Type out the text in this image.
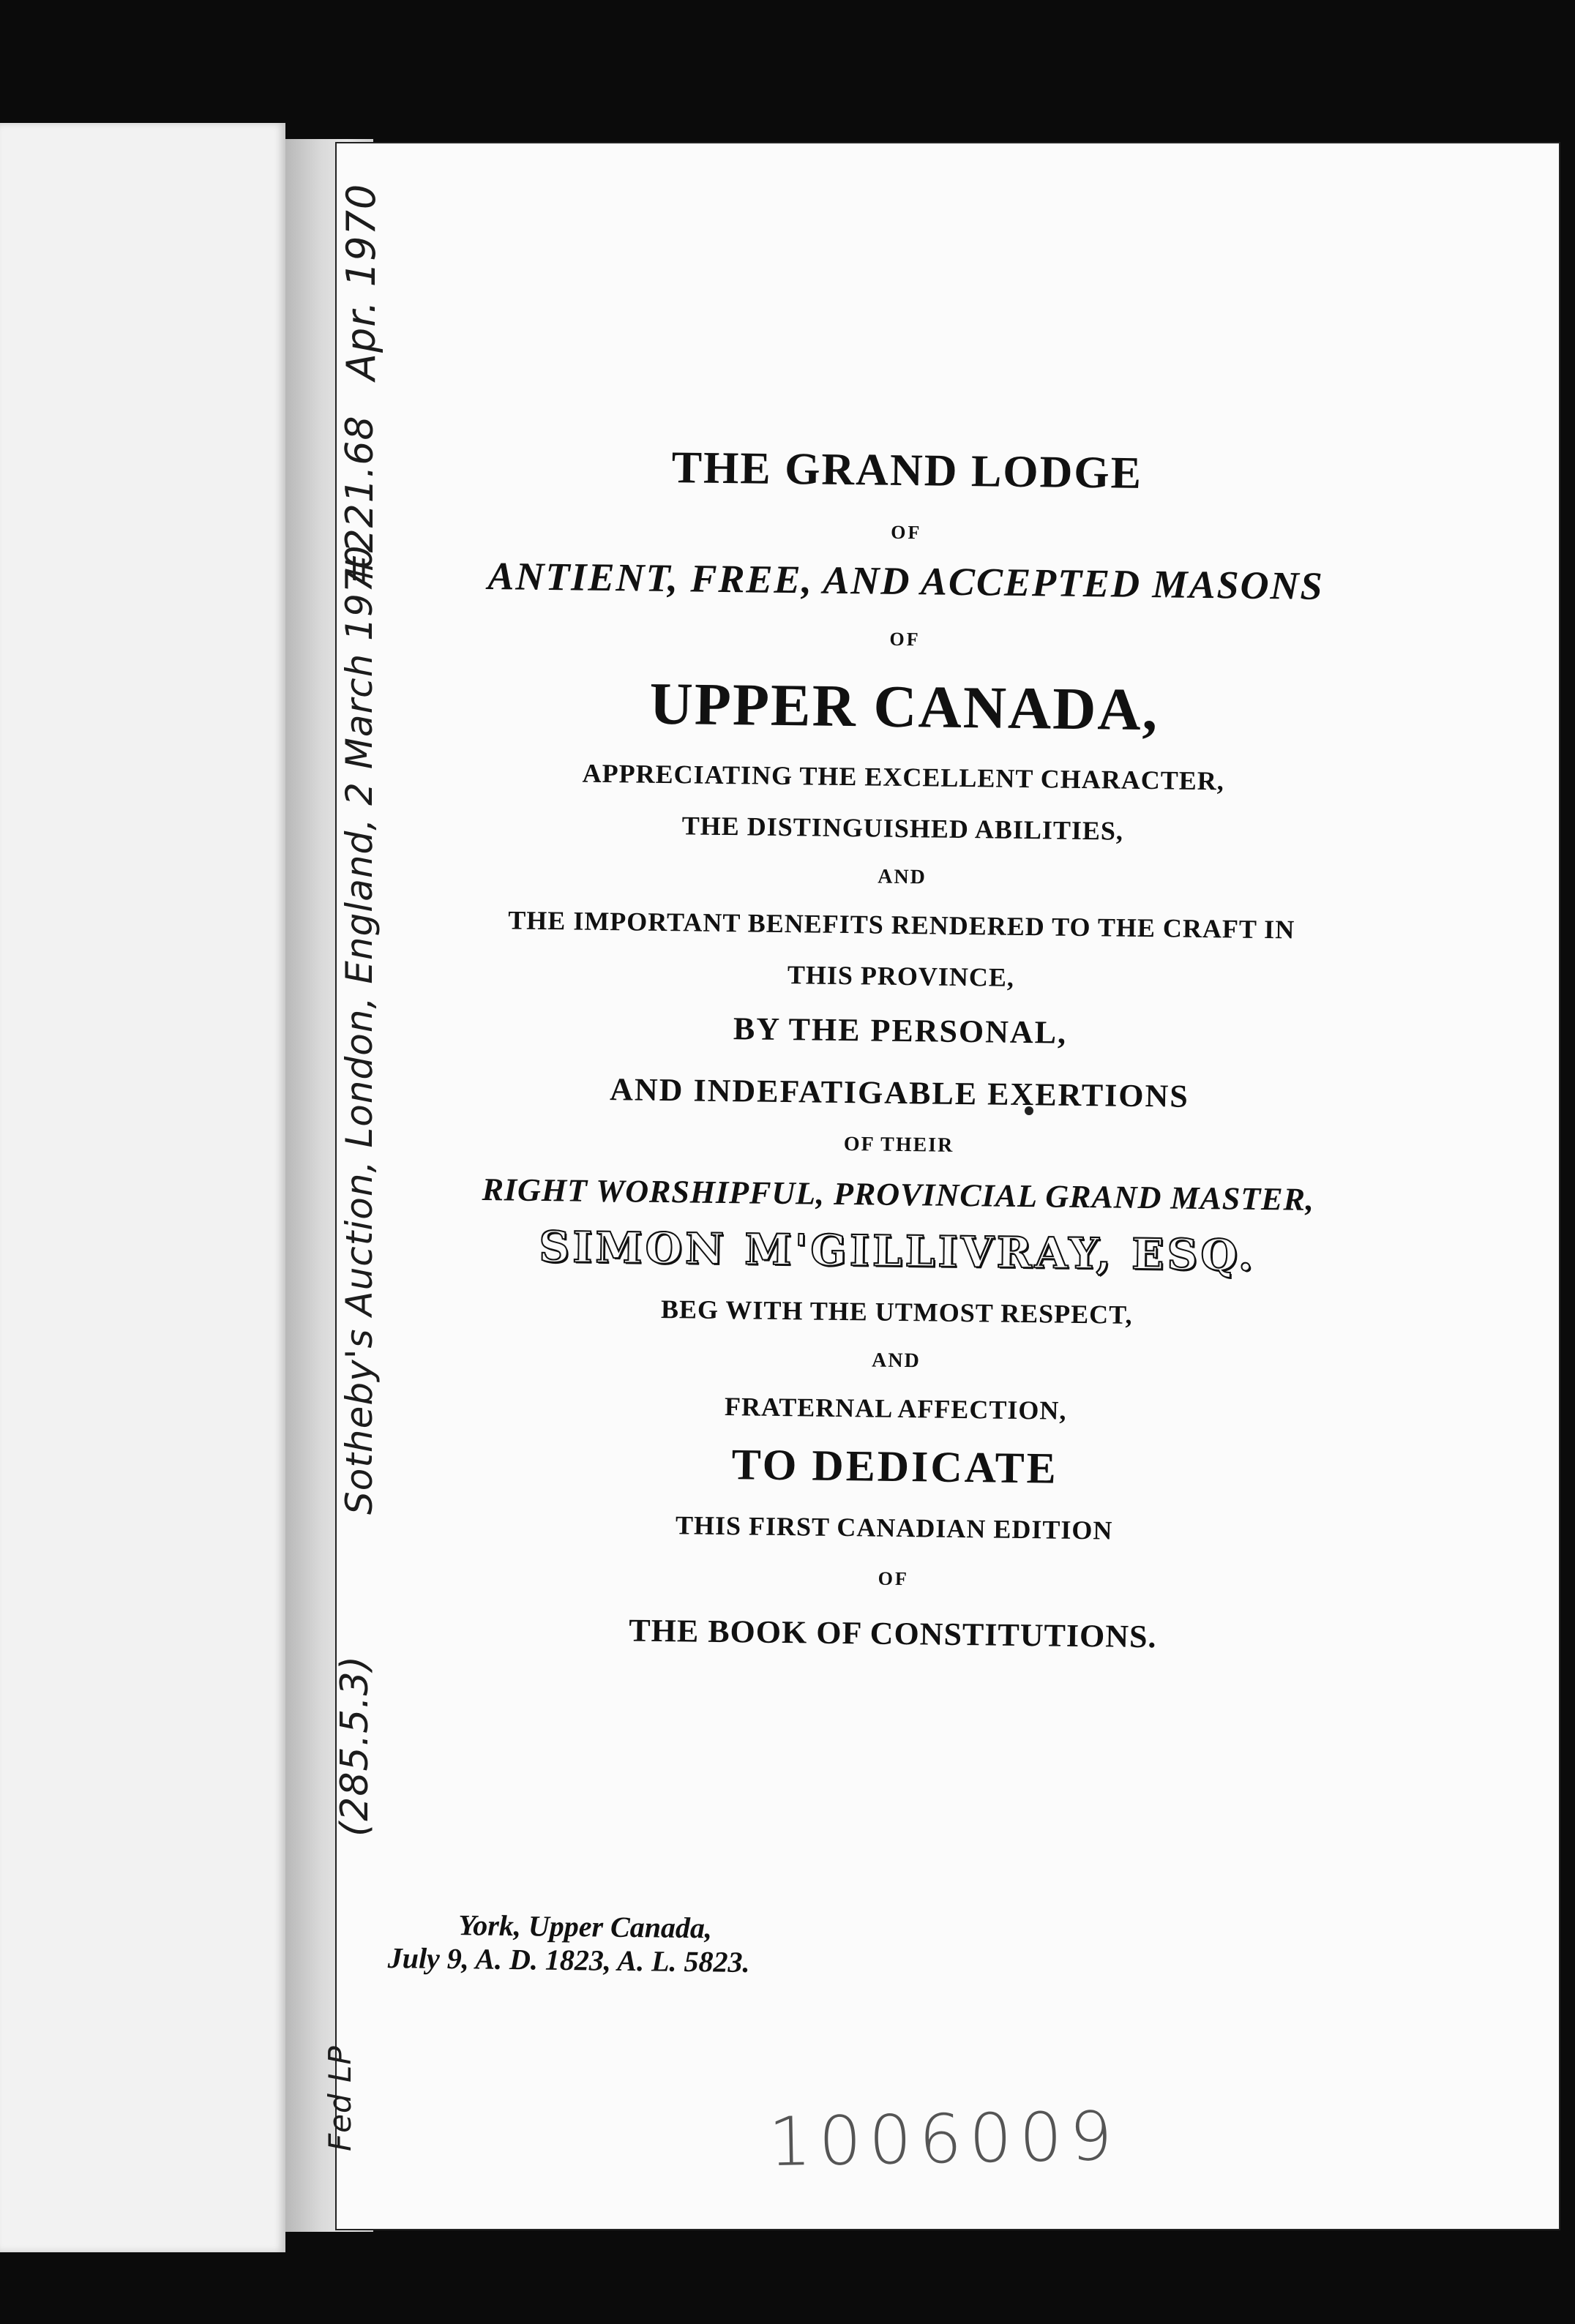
Apr. 1970
#221.68
Sotheby's Auction, London, England, 2 March 1970
(285.5.3)
Fed LP
THE GRAND LODGE
OF
ANTIENT, FREE, AND ACCEPTED MASONS
OF
UPPER CANADA,
APPRECIATING THE EXCELLENT CHARACTER,
THE DISTINGUISHED ABILITIES,
AND
THE IMPORTANT BENEFITS RENDERED TO THE CRAFT IN
THIS PROVINCE,
BY THE PERSONAL,
AND INDEFATIGABLE EXERTIONS
OF THEIR
RIGHT WORSHIPFUL, PROVINCIAL GRAND MASTER,
SIMON M'GILLIVRAY, ESQ.
BEG WITH THE UTMOST RESPECT,
AND
FRATERNAL AFFECTION,
TO DEDICATE
THIS FIRST CANADIAN EDITION
OF
THE BOOK OF CONSTITUTIONS.
York, Upper Canada,
July 9, A. D. 1823, A. L. 5823.
1006009
